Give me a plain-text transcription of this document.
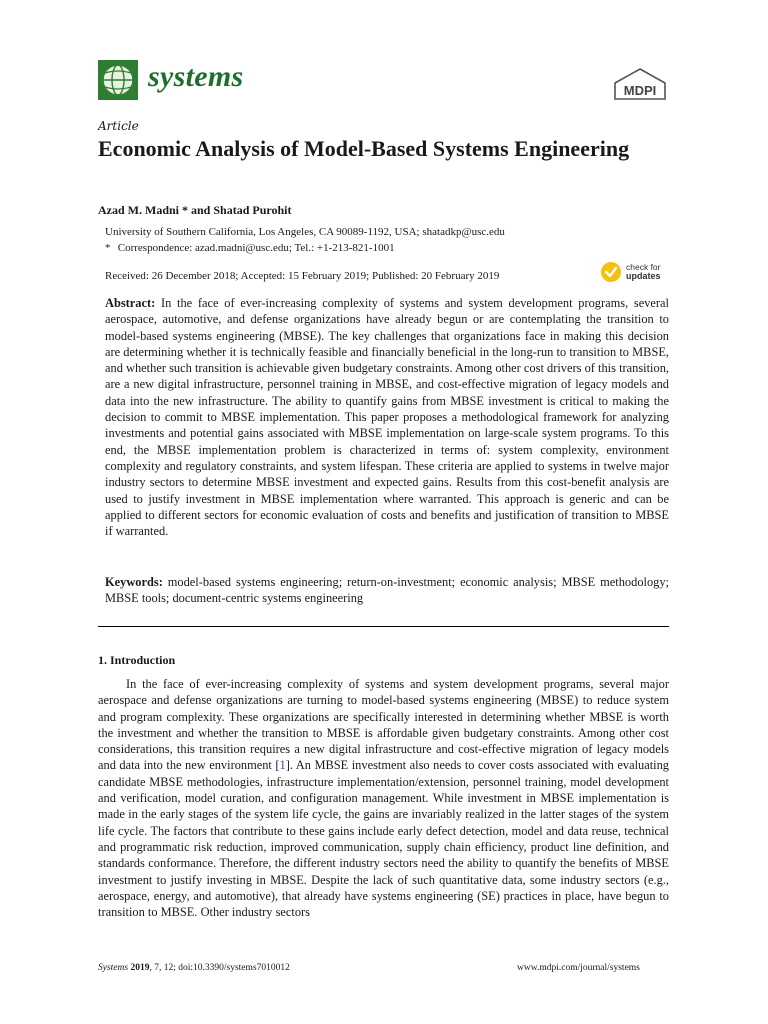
systems	MDPI
Article
Economic Analysis of Model-Based Systems Engineering
Azad M. Madni * and Shatad Purohit
University of Southern California, Los Angeles, CA 90089-1192, USA; shatadkp@usc.edu
* Correspondence: azad.madni@usc.edu; Tel.: +1-213-821-1001
Received: 26 December 2018; Accepted: 15 February 2019; Published: 20 February 2019
check for
updates
Abstract: In the face of ever-increasing complexity of systems and system development programs, several aerospace, automotive, and defense organizations have already begun or are contemplating the transition to model-based systems engineering (MBSE). The key challenges that organizations face in making this decision are determining whether it is technically feasible and financially beneficial in the long-run to transition to MBSE, and whether such transition is achievable given budgetary constraints. Among other cost drivers of this transition, are a new digital infrastructure, personnel training in MBSE, and cost-effective migration of legacy models and data into the new infrastructure. The ability to quantify gains from MBSE investment is critical to making the decision to commit to MBSE implementation. This paper proposes a methodological framework for analyzing investments and potential gains associated with MBSE implementation on large-scale system programs. To this end, the MBSE implementation problem is characterized in terms of: system complexity, environment complexity and regulatory constraints, and system lifespan. These criteria are applied to systems in twelve major industry sectors to determine MBSE investment and expected gains. Results from this cost-benefit analysis are used to justify investment in MBSE implementation where warranted. This approach is generic and can be applied to different sectors for economic evaluation of costs and benefits and justification of transition to MBSE if warranted.
Keywords: model-based systems engineering; return-on-investment; economic analysis; MBSE methodology; MBSE tools; document-centric systems engineering
1. Introduction
In the face of ever-increasing complexity of systems and system development programs, several major aerospace and defense organizations are turning to model-based systems engineering (MBSE) to reduce system and program complexity. These organizations are specifically interested in determining whether MBSE is worth the investment and whether the transition to MBSE is affordable given budgetary constraints. Among other cost considerations, this transition requires a new digital infrastructure and cost-effective migration of legacy models and data into the new environment [1]. An MBSE investment also needs to cover costs associated with evaluating candidate MBSE methodologies, infrastructure implementation/extension, personnel training, model development and verification, model curation, and configuration management. While investment in MBSE implementation is made in the early stages of the system life cycle, the gains are invariably realized in the latter stages of the system life cycle. The factors that contribute to these gains include early defect detection, model and data reuse, technical and programmatic risk reduction, improved communication, supply chain efficiency, product line definition, and standards conformance. Therefore, the different industry sectors need the ability to quantify the benefits of MBSE investment to justify investing in MBSE. Despite the lack of such quantitative data, some industry sectors (e.g., aerospace, energy, and automotive), that already have systems engineering (SE) practices in place, have begun to transition to MBSE. Other industry sectors
Systems 2019, 7, 12; doi:10.3390/systems7010012	www.mdpi.com/journal/systems
